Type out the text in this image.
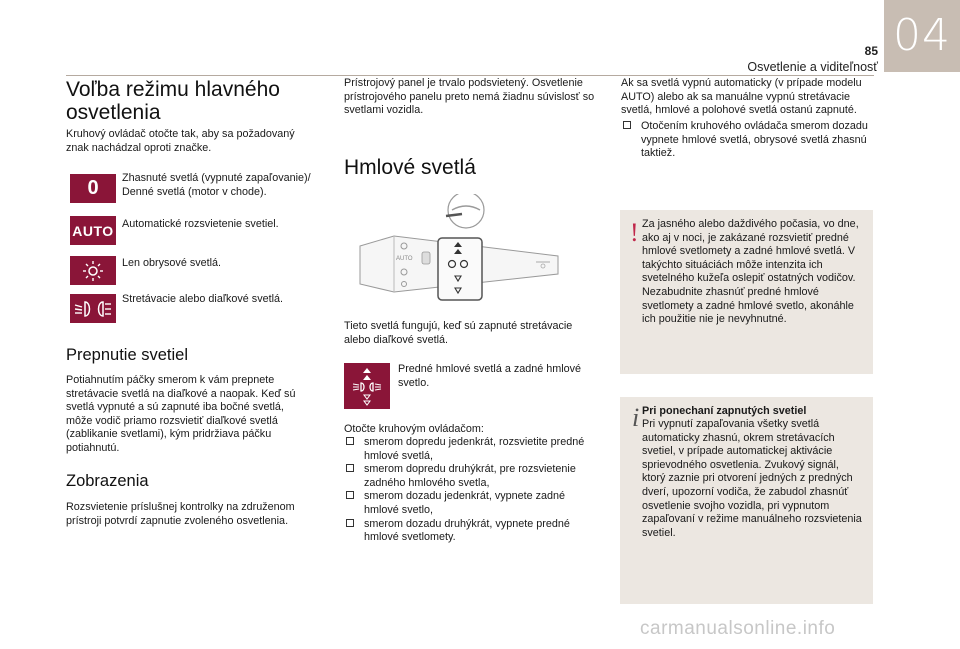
04
85
Osvetlenie a viditeľnosť
Voľba režimu hlavného osvetlenia
Kruhový ovládač otočte tak, aby sa požadovaný znak nachádzal oproti značke.
0 Zhasnuté svetlá (vypnuté zapaľovanie)/ Denné svetlá (motor v chode).
AUTO Automatické rozsvietenie svetiel.
Len obrysové svetlá.
Stretávacie alebo diaľkové svetlá.
Prepnutie svetiel
Potiahnutím páčky smerom k vám prepnete stretávacie svetlá na diaľkové a naopak. Keď sú svetlá vypnuté a sú zapnuté iba bočné svetlá, môže vodič priamo rozsvietiť diaľkové svetlá (zablikanie svetlami), kým pridržiava páčku potiahnutú.
Zobrazenia
Rozsvietenie príslušnej kontrolky na združenom prístroji potvrdí zapnutie zvoleného osvetlenia.
Prístrojový panel je trvalo podsvietený. Osvetlenie prístrojového panelu preto nemá žiadnu súvislosť so svetlami vozidla.
Hmlové svetlá
AUTO
Tieto svetlá fungujú, keď sú zapnuté stretávacie alebo diaľkové svetlá.
Predné hmlové svetlá a zadné hmlové svetlo.
Otočte kruhovým ovládačom:
smerom dopredu jedenkrát, rozsvietite predné hmlové svetlá,
smerom dopredu druhýkrát, pre rozsvietenie zadného hmlového svetla,
smerom dozadu jedenkrát, vypnete zadné hmlové svetlo,
smerom dozadu druhýkrát, vypnete predné hmlové svetlomety.
Ak sa svetlá vypnú automaticky (v prípade modelu AUTO) alebo ak sa manuálne vypnú stretávacie svetlá, hmlové a polohové svetlá ostanú zapnuté.
Otočením kruhového ovládača smerom dozadu vypnete hmlové svetlá, obrysové svetlá zhasnú taktiež.
! Za jasného alebo daždivého počasia, vo dne, ako aj v noci, je zakázané rozsvietiť predné hmlové svetlomety a zadné hmlové svetlá. V takýchto situáciách môže intenzita ich svetelného kužeľa oslepiť ostatných vodičov. Nezabudnite zhasnúť predné hmlové svetlomety a zadné hmlové svetlo, akonáhle ich použitie nie je nevyhnutné.
i Pri ponechaní zapnutých svetiel
Pri vypnutí zapaľovania všetky svetlá automaticky zhasnú, okrem stretávacích svetiel, v prípade automatickej aktivácie sprievodného osvetlenia. Zvukový signál, ktorý zaznie pri otvorení jedných z predných dverí, upozorní vodiča, že zabudol zhasnúť osvetlenie svojho vozidla, pri vypnutom zapaľovaní v režime manuálneho rozsvietenia svetiel.
carmanualsonline.info
